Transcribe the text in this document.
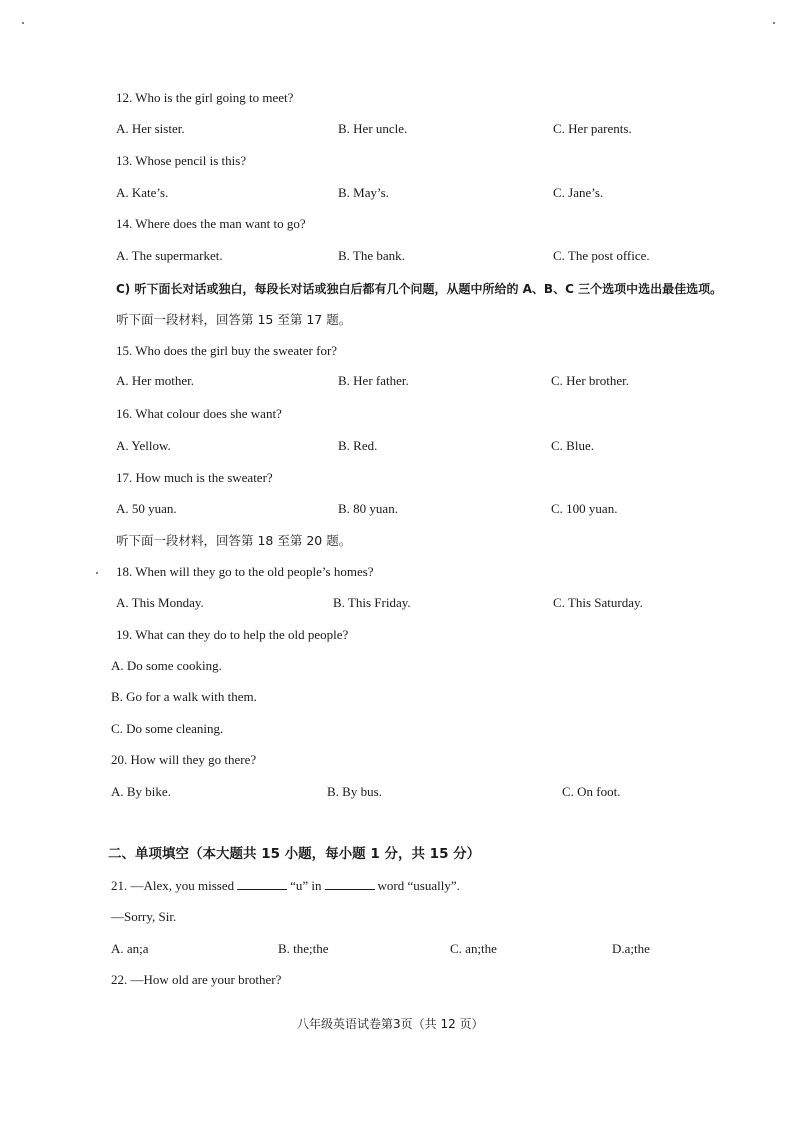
12. Who is the girl going to meet?
A. Her sister.	B. Her uncle.	C. Her parents.
13. Whose pencil is this?
A. Kate’s.	B. May’s.	C. Jane’s.
14. Where does the man want to go?
A. The supermarket.	B. The bank.	C. The post office.
C) 听下面长对话或独白，每段长对话或独白后都有几个问题，从题中所给的 A、B、C 三个选项中选出最佳选项。
听下面一段材料，回答第 15 至第 17 题。
15. Who does the girl buy the sweater for?
A. Her mother.	B. Her father.	C. Her brother.
16. What colour does she want?
A. Yellow.	B. Red.	C. Blue.
17. How much is the sweater?
A. 50 yuan.	B. 80 yuan.	C. 100 yuan.
听下面一段材料，回答第 18 至第 20 题。
18. When will they go to the old people’s homes?
A. This Monday.	B. This Friday.	C. This Saturday.
19. What can they do to help the old people?
A. Do some cooking.
B. Go for a walk with them.
C. Do some cleaning.
20. How will they go there?
A. By bike.	B. By bus.	C. On foot.
二、单项填空（本大题共 15 小题，每小题 1 分，共 15 分）
21. —Alex, you missed	“u” in	word “usually”.
—Sorry, Sir.
A. an;a	B. the;the	C. an;the	D.a;the
22. —How old are your brother?
八年级英语试卷第3页（共 12 页）
